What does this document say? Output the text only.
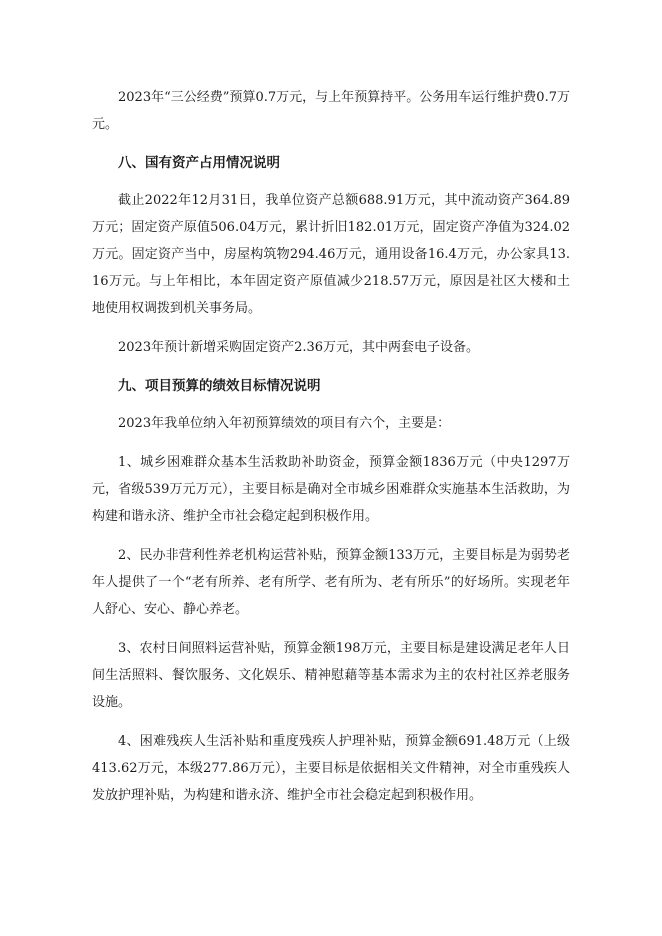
2023年“三公经费”预算0.7万元，与上年预算持平。公务用车运行维护费0.7万元。

八、国有资产占用情况说明

截止2022年12月31日，我单位资产总额688.91万元，其中流动资产364.89万元；固定资产原值506.04万元，累计折旧182.01万元，固定资产净值为324.02万元。固定资产当中，房屋构筑物294.46万元，通用设备16.4万元，办公家具13.16万元。与上年相比，本年固定资产原值减少218.57万元，原因是社区大楼和土地使用权调拨到机关事务局。

2023年预计新增采购固定资产2.36万元，其中两套电子设备。

九、项目预算的绩效目标情况说明

2023年我单位纳入年初预算绩效的项目有六个，主要是：

1、城乡困难群众基本生活救助补助资金，预算金额1836万元（中央1297万元，省级539万元万元），主要目标是确对全市城乡困难群众实施基本生活救助，为构建和谐永济、维护全市社会稳定起到积极作用。

2、民办非营利性养老机构运营补贴，预算金额133万元，主要目标是为弱势老年人提供了一个“老有所养、老有所学、老有所为、老有所乐”的好场所。实现老年人舒心、安心、静心养老。

3、农村日间照料运营补贴，预算金额198万元，主要目标是建设满足老年人日间生活照料、餐饮服务、文化娱乐、精神慰藉等基本需求为主的农村社区养老服务设施。

4、困难残疾人生活补贴和重度残疾人护理补贴，预算金额691.48万元（上级413.62万元，本级277.86万元），主要目标是依据相关文件精神，对全市重残疾人发放护理补贴，为构建和谐永济、维护全市社会稳定起到积极作用。
